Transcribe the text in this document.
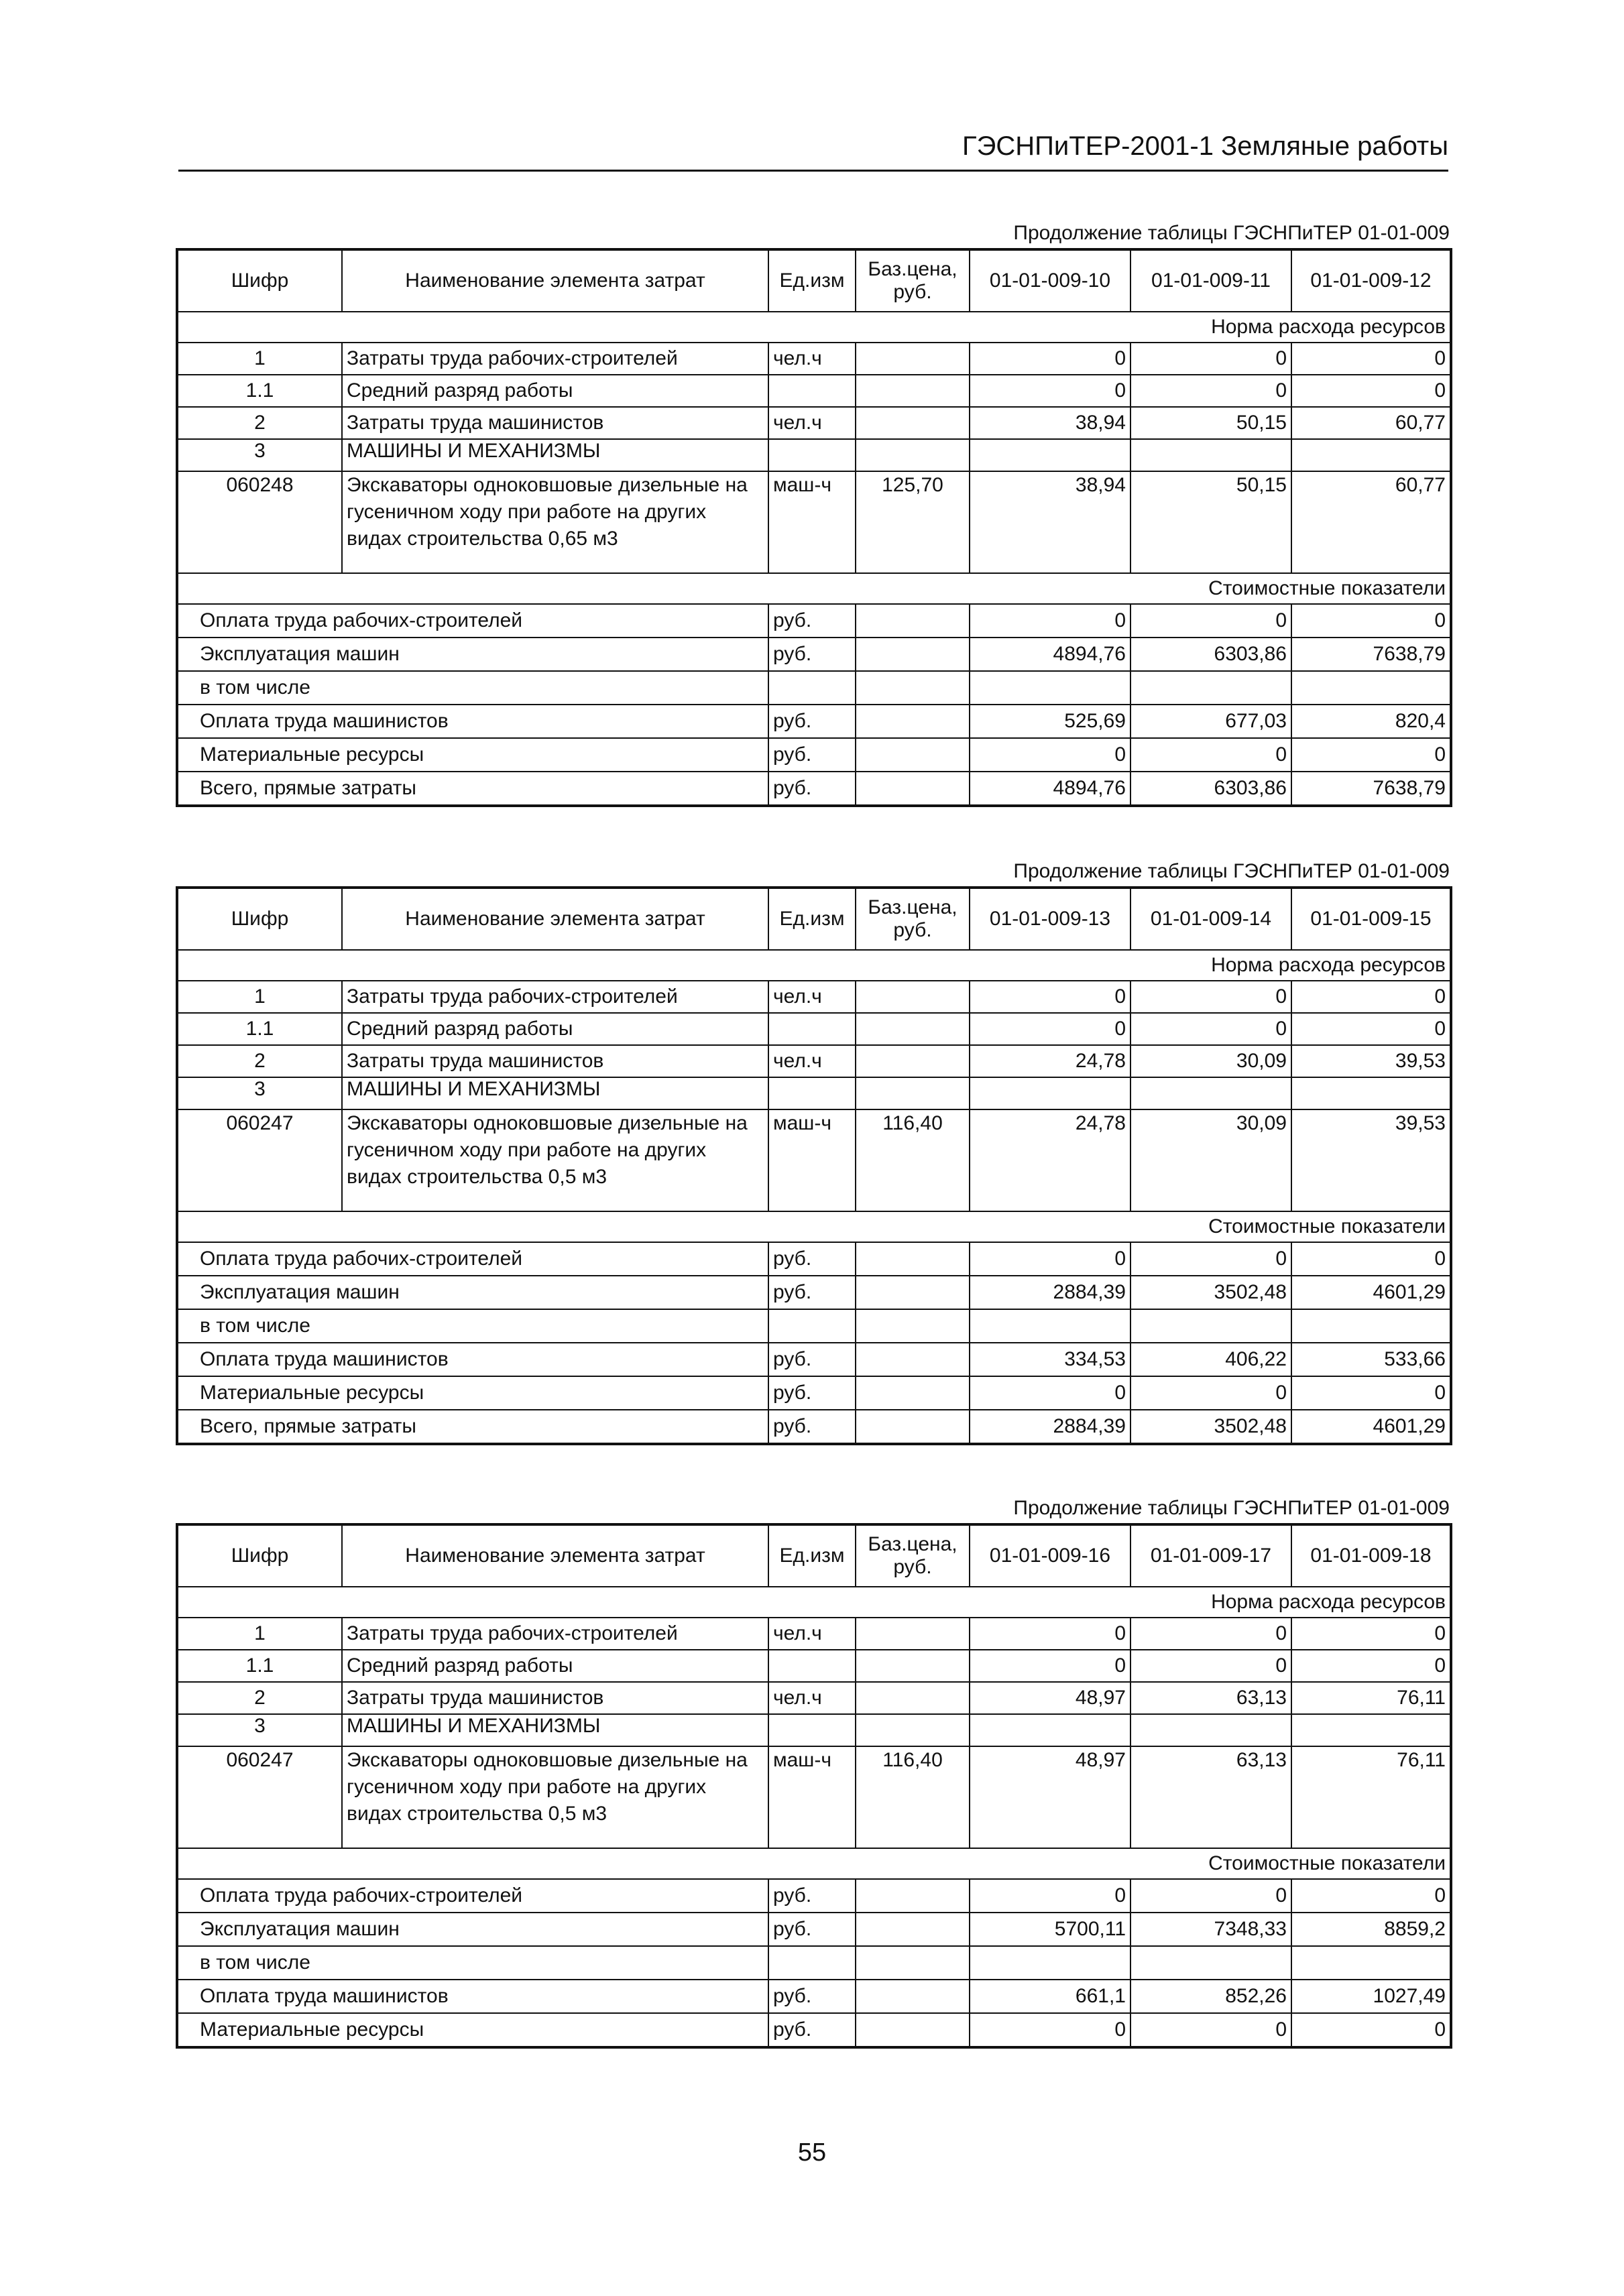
ГЭСНПиТЕР-2001-1 Земляные работы
Продолжение таблицы ГЭСНПиТЕР 01-01-009
Шифр	Наименование элемента затрат	Ед.изм	Баз.цена, руб.	01-01-009-10	01-01-009-11	01-01-009-12
Норма расхода ресурсов						
1	Затраты труда рабочих-строителей	чел.ч		0	0	0
1.1	Средний разряд работы			0	0	0
2	Затраты труда машинистов	чел.ч		38,94	50,15	60,77
3	МАШИНЫ И МЕХАНИЗМЫ					
060248	Экскаваторы одноковшовые дизельные на гусеничном ходу при работе на других видах строительства 0,65 м3	маш-ч	125,70	38,94	50,15	60,77
Стоимостные показатели						
Оплата труда рабочих-строителей		руб.		0	0	0
Эксплуатация машин		руб.		4894,76	6303,86	7638,79
в том числе						
Оплата труда машинистов		руб.		525,69	677,03	820,4
Материальные ресурсы		руб.		0	0	0
Всего, прямые затраты		руб.		4894,76	6303,86	7638,79
Продолжение таблицы ГЭСНПиТЕР 01-01-009
Шифр	Наименование элемента затрат	Ед.изм	Баз.цена, руб.	01-01-009-13	01-01-009-14	01-01-009-15
Норма расхода ресурсов						
1	Затраты труда рабочих-строителей	чел.ч		0	0	0
1.1	Средний разряд работы			0	0	0
2	Затраты труда машинистов	чел.ч		24,78	30,09	39,53
3	МАШИНЫ И МЕХАНИЗМЫ					
060247	Экскаваторы одноковшовые дизельные на гусеничном ходу при работе на других видах строительства 0,5 м3	маш-ч	116,40	24,78	30,09	39,53
Стоимостные показатели						
Оплата труда рабочих-строителей		руб.		0	0	0
Эксплуатация машин		руб.		2884,39	3502,48	4601,29
в том числе						
Оплата труда машинистов		руб.		334,53	406,22	533,66
Материальные ресурсы		руб.		0	0	0
Всего, прямые затраты		руб.		2884,39	3502,48	4601,29
Продолжение таблицы ГЭСНПиТЕР 01-01-009
Шифр	Наименование элемента затрат	Ед.изм	Баз.цена, руб.	01-01-009-16	01-01-009-17	01-01-009-18
Норма расхода ресурсов						
1	Затраты труда рабочих-строителей	чел.ч		0	0	0
1.1	Средний разряд работы			0	0	0
2	Затраты труда машинистов	чел.ч		48,97	63,13	76,11
3	МАШИНЫ И МЕХАНИЗМЫ					
060247	Экскаваторы одноковшовые дизельные на гусеничном ходу при работе на других видах строительства 0,5 м3	маш-ч	116,40	48,97	63,13	76,11
Стоимостные показатели						
Оплата труда рабочих-строителей		руб.		0	0	0
Эксплуатация машин		руб.		5700,11	7348,33	8859,2
в том числе						
Оплата труда машинистов		руб.		661,1	852,26	1027,49
Материальные ресурсы		руб.		0	0	0
55
